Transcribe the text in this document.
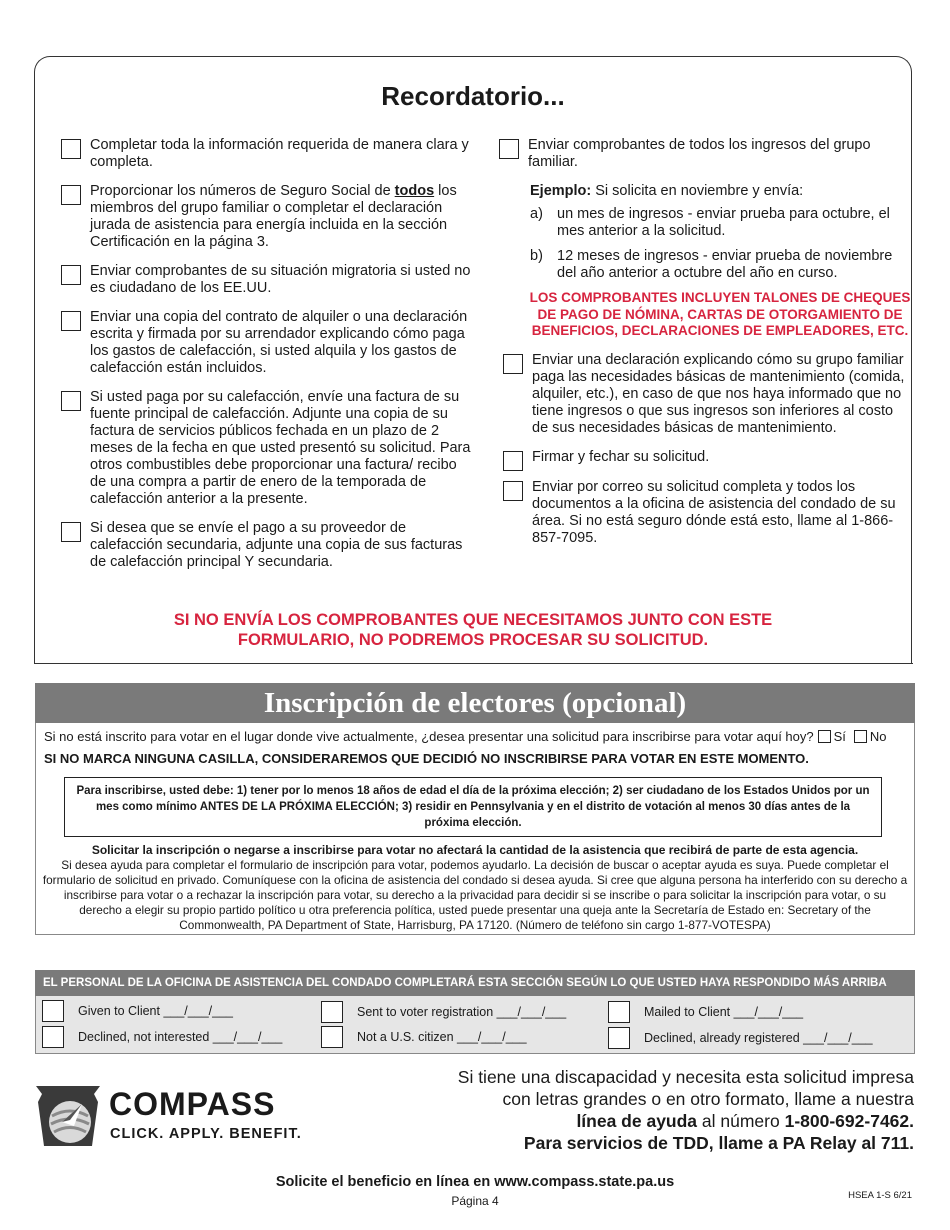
Recordatorio...
Completar toda la información requerida de manera clara y completa.
Proporcionar los números de Seguro Social de todos los miembros del grupo familiar o completar el declaración jurada de asistencia para energía incluida en la sección Certificación en la página 3.
Enviar comprobantes de su situación migratoria si usted no es ciudadano de los EE.UU.
Enviar una copia del contrato de alquiler o una declaración escrita y firmada por su arrendador explicando cómo paga los gastos de calefacción, si usted alquila y los gastos de calefacción están incluidos.
Si usted paga por su calefacción, envíe una factura de su fuente principal de calefacción. Adjunte una copia de su factura de servicios públicos fechada en un plazo de 2 meses de la fecha en que usted presentó su solicitud. Para otros combustibles debe proporcionar una factura/ recibo de una compra a partir de enero de la temporada de calefacción anterior a la presente.
Si desea que se envíe el pago a su proveedor de calefacción secundaria, adjunte una copia de sus facturas de calefacción principal Y secundaria.
Enviar comprobantes de todos los ingresos del grupo familiar.
Ejemplo: Si solicita en noviembre y envía:
a) un mes de ingresos - enviar prueba para octubre, el mes anterior a la solicitud.
b) 12 meses de ingresos - enviar prueba de noviembre del año anterior a octubre del año en curso.
LOS COMPROBANTES INCLUYEN TALONES DE CHEQUES DE PAGO DE NÓMINA, CARTAS DE OTORGAMIENTO DE BENEFICIOS, DECLARACIONES DE EMPLEADORES, ETC.
Enviar una declaración explicando cómo su grupo familiar paga las necesidades básicas de mantenimiento (comida, alquiler, etc.), en caso de que nos haya informado que no tiene ingresos o que sus ingresos son inferiores al costo de sus necesidades básicas de mantenimiento.
Firmar y fechar su solicitud.
Enviar por correo su solicitud completa y todos los documentos a la oficina de asistencia del condado de su área. Si no está seguro dónde está esto, llame al 1-866-857-7095.
SI NO ENVÍA LOS COMPROBANTES QUE NECESITAMOS JUNTO CON ESTE FORMULARIO, NO PODREMOS PROCESAR SU SOLICITUD.
Inscripción de electores (opcional)
Si no está inscrito para votar en el lugar donde vive actualmente, ¿desea presentar una solicitud para inscribirse para votar aquí hoy? Sí No
SI NO MARCA NINGUNA CASILLA, CONSIDERAREMOS QUE DECIDIÓ NO INSCRIBIRSE PARA VOTAR EN ESTE MOMENTO.
Para inscribirse, usted debe: 1) tener por lo menos 18 años de edad el día de la próxima elección; 2) ser ciudadano de los Estados Unidos por un mes como mínimo ANTES DE LA PRÓXIMA ELECCIÓN; 3) residir en Pennsylvania y en el distrito de votación al menos 30 días antes de la próxima elección.
Solicitar la inscripción o negarse a inscribirse para votar no afectará la cantidad de la asistencia que recibirá de parte de esta agencia.
Si desea ayuda para completar el formulario de inscripción para votar, podemos ayudarlo. La decisión de buscar o aceptar ayuda es suya. Puede completar el formulario de solicitud en privado. Comuníquese con la oficina de asistencia del condado si desea ayuda. Si cree que alguna persona ha interferido con su derecho a inscribirse para votar o a rechazar la inscripción para votar, su derecho a la privacidad para decidir si se inscribe o para solicitar la inscripción para votar, o su derecho a elegir su propio partido político u otra preferencia política, usted puede presentar una queja ante la Secretaría de Estado en: Secretary of the Commonwealth, PA Department of State, Harrisburg, PA 17120. (Número de teléfono sin cargo 1-877-VOTESPA)
EL PERSONAL DE LA OFICINA DE ASISTENCIA DEL CONDADO COMPLETARÁ ESTA SECCIÓN SEGÚN LO QUE USTED HAYA RESPONDIDO MÁS ARRIBA
Given to Client ___/___/___
Declined, not interested ___/___/___
Sent to voter registration ___/___/___
Not a U.S. citizen ___/___/___
Mailed to Client ___/___/___
Declined, already registered ___/___/___
COMPASS
CLICK. APPLY. BENEFIT.
Si tiene una discapacidad y necesita esta solicitud impresa
con letras grandes o en otro formato, llame a nuestra
línea de ayuda al número 1-800-692-7462.
Para servicios de TDD, llame a PA Relay al 711.
Solicite el beneficio en línea en www.compass.state.pa.us
Página 4	HSEA 1-S 6/21
